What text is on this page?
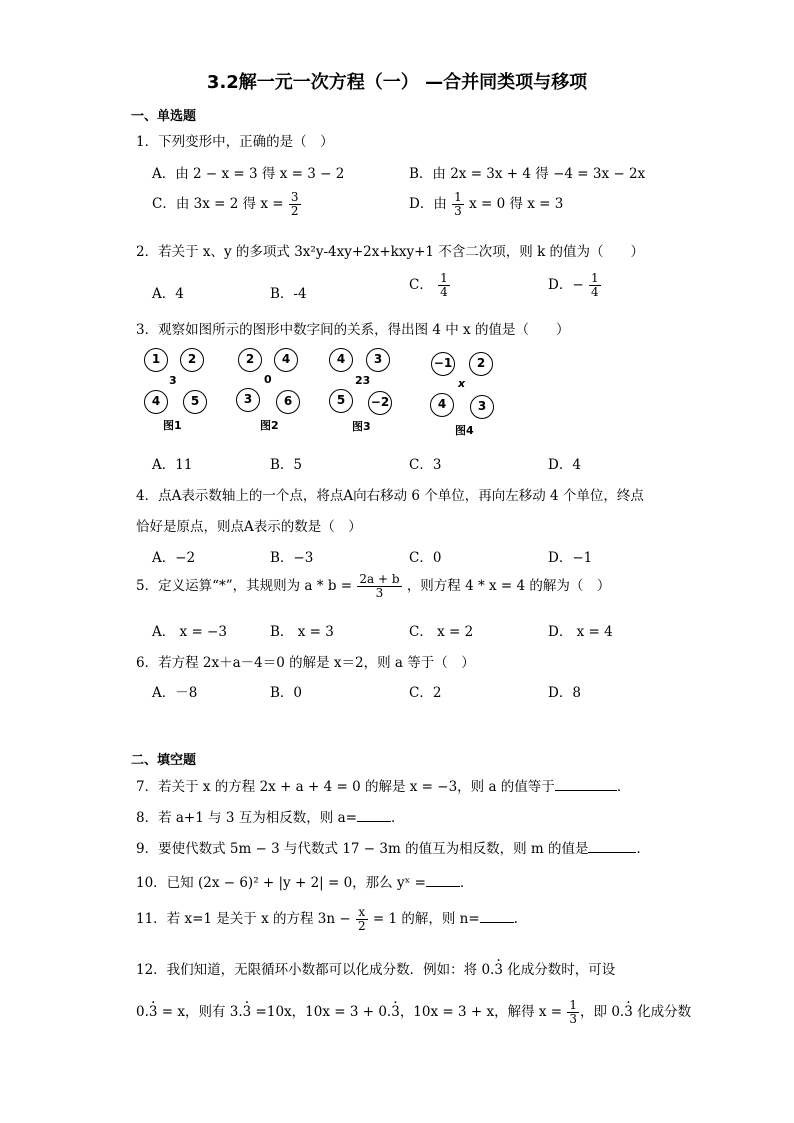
3.2解一元一次方程（一） —合并同类项与移项
一、单选题
1．下列变形中，正确的是（　）
A．由 2 − x = 3 得 x = 3 − 2	B．由 2x = 3x + 4 得 −4 = 3x − 2x
C．由 3x = 2 得 $x = \frac{3}{2}$	D．由 $\frac{1}{3}$ x = 0 得 x = 3
2．若关于 x、y 的多项式 3x²y-4xy+2x+kxy+1 不含二次项，则 k 的值为（　　）
A．4	B．-4
C． $\frac{1}{4}$	D．− $\frac{1}{4}$
3．观察如图所示的图形中数字间的关系，得出图 4 中 x 的值是（　　）
1	2
3
4	5
图1
2	4
0
3	6
图2
4	3
23
5	−2
图3
−1	2
x
4	3
图4
A．11	B．5	C．3	D．4
4．点A表示数轴上的一个点，将点A向右移动 6 个单位，再向左移动 4 个单位，终点
恰好是原点，则点A表示的数是（　）
A．−2	B．−3	C．0	D．−1
5．定义运算“*”，其规则为 $a * b = \frac{2a + b}{3}$ ，则方程 4 * x = 4 的解为（　）
A． x = −3	B． x = 3	C． x = 2	D． x = 4
6．若方程 2x＋a－4＝0 的解是 x＝2，则 a 等于（　）
A．－8	B．0	C．2	D．8
二、填空题
7．若关于 x 的方程 2x + a + 4 = 0 的解是 x = −3，则 a 的值等于	．
8．若 a+1 与 3 互为相反数，则 a=	．
9．要使代数式 5m − 3 与代数式 17 − 3m 的值互为相反数，则 m 的值是	．
10．已知 (2x − 6)² + |y + 2| = 0，那么 yˣ =	．
11．若 x=1 是关于 x 的方程 $3n - \frac{x}{2} = 1$ 的解，则 n=	.
12．我们知道，无限循环小数都可以化成分数．例如：将 0.3 · 化成分数时，可设
0.3 · = x，则有 3.3 · =10x，10x = 3 + 0.3 ·，10x = 3 + x，解得 $x = \frac{1}{3}$ ，即 0.3 · 化成分数
